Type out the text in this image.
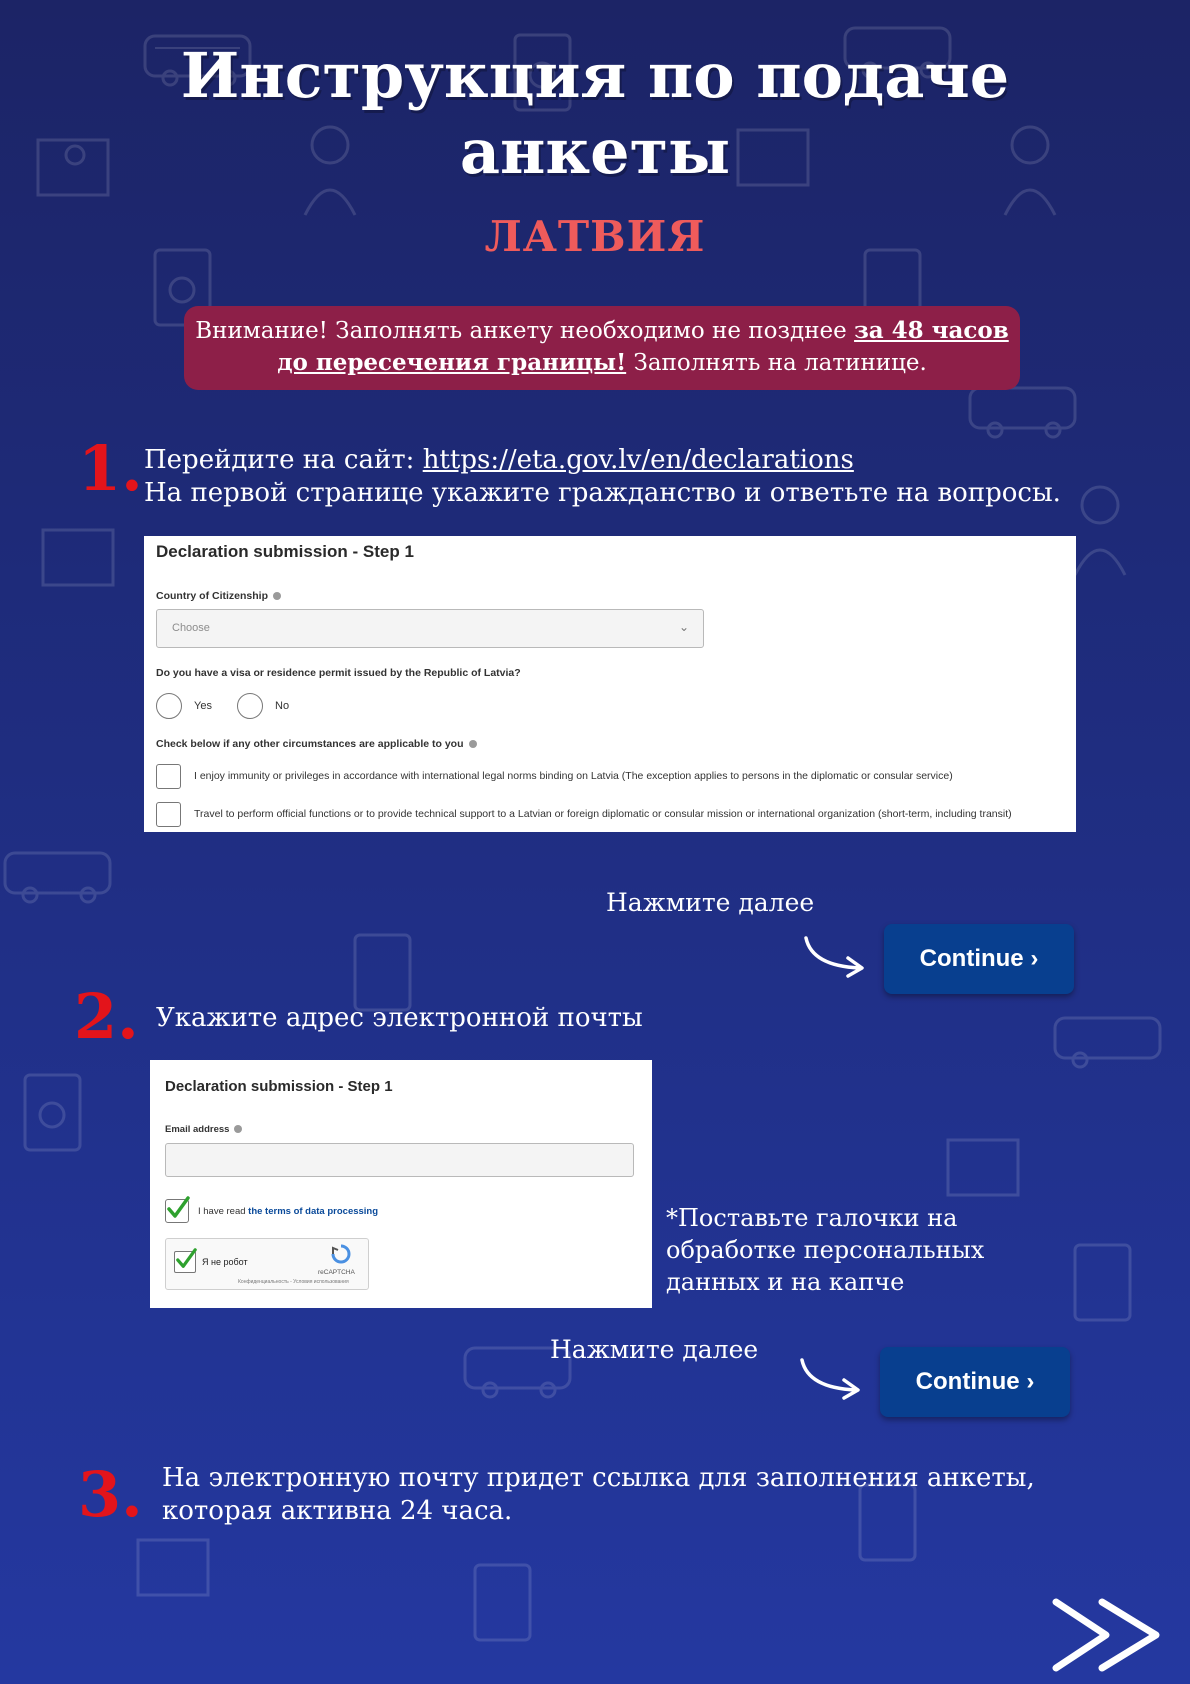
Инструкция по подаче
анкеты
ЛАТВИЯ
Внимание! Заполнять анкету необходимо не позднее за 48 часов до пересечения границы! Заполнять на латинице.
1. Перейдите на сайт: https://eta.gov.lv/en/declarations
На первой странице укажите гражданство и ответьте на вопросы.
Declaration submission - Step 1
Country of Citizenship
Choose	⌄
Do you have a visa or residence permit issued by the Republic of Latvia?
Yes	No
Check below if any other circumstances are applicable to you
I enjoy immunity or privileges in accordance with international legal norms binding on Latvia (The exception applies to persons in the diplomatic or consular service)
Travel to perform official functions or to provide technical support to a Latvian or foreign diplomatic or consular mission or international organization (short-term, including transit)
Нажмите далее
Continue ›
2. Укажите адрес электронной почты
Declaration submission - Step 1
Email address
I have read the terms of data processing
Я не робот
reCAPTCHA
Конфиденциальность - Условия использования
*Поставьте галочки на
обработке персональных
данных и на капче
Нажмите далее
Continue ›
3. На электронную почту придет ссылка для заполнения анкеты,
которая активна 24 часа.
